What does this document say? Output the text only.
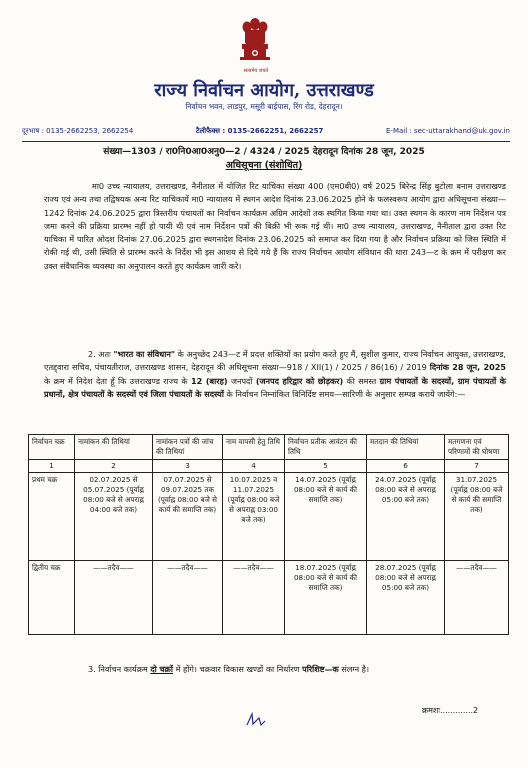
सत्यमेव जयते
राज्य निर्वाचन आयोग, उत्तराखण्ड
निर्वाचन भवन, लाडपुर, मसूरी बाईपास, रिंग रोड, देहरादून।
दूरभाष : 0135-2662253, 2662254	टैलीफैक्स : 0135-2662251, 2662257	E-Mail : sec-uttarakhand@uk.gov.in
संख्या—1303 / रा0नि0आ0अनु0—2 / 4324 / 2025 देहरादून दिनांक 28 जून, 2025
अधिसूचना (संशोधित)
मा0 उच्च न्यायालय, उत्तराखण्ड, नैनीताल में योजित रिट याचिका संख्या 400 (एम0बी0) वर्ष 2025 बिरेन्द्र सिंह बुटोला बनाम उत्तराखण्ड राज्य एवं अन्य तथा तद्विषयक अन्य रिट याचिकायें मा0 न्यायालय में स्थगन आदेश दिनांक 23.06.2025 होने के फलस्वरूप आयोग द्वारा अधिसूचना संख्या—1242 दिनांक 24.06.2025 द्वारा त्रिस्तरीय पंचायतों का निर्वाचन कार्यक्रम अग्रिम आदेशों तक स्थगित किया गया था। उक्त स्थगन के कारण नाम निर्देशन पत्र जमा करने की प्रक्रिया प्रारम्भ नहीं हो पायी थी एवं नाम निर्देशन पत्रों की बिक्री भी रूक गई थी। मा0 उच्च न्यायालय, उत्तराखण्ड, नैनीताल द्वारा उक्त रिट याचिका में पारित ओदश दिनांक 27.06.2025 द्वारा स्थगनादेश दिनांक 23.06.2025 को समाप्त कर दिया गया है और निर्वाचन प्रक्रिया को जिस स्थिति में रोकी गई थी, उसी स्थिति से प्रारम्भ करने के निर्देश भी इस आशय से दिये गये हैं कि राज्य निर्वाचन आयोग संविधान की धारा 243—ट के क्रम में परीक्षण कर उक्त संवैधानिक व्यवस्था का अनुपालन करते हुए कार्यक्रम जारी करे।
2. अतः "भारत का संविधान" के अनुच्छेद 243—ट में प्रदत्त शक्तियों का प्रयोग करते हुए मैं, सुशील कुमार, राज्य निर्वाचन आयुक्त, उत्तराखण्ड, एतद्द्वारा सचिव, पंचायतीराज, उत्तराखण्ड शासन, देहरादून की अधिसूचना संख्या—918 / XII(1) / 2025 / 86(16) / 2019 दिनांक 28 जून, 2025 के क्रम में निदेश देता हूँ कि उत्तराखण्ड राज्य के 12 (बारह) जनपदों (जनपद हरिद्वार को छोड़कर) की समस्त ग्राम पंचायतों के सदस्यों, ग्राम पंचायतों के प्रधानों, क्षेत्र पंचायतों के सदस्यों एवं जिला पंचायतों के सदस्यों के निर्वाचन निम्नांकित विनिर्दिष्ट समय—सारिणी के अनुसार सम्पन्न कराये जायेंगे:—
निर्वाचन चक्र	नामांकन की तिथियां	नामांकन पत्रों की जांच की तिथियां	नाम वापसी हेतु तिथि	निर्वाचन प्रतीक आवंटन की तिथि	मतदान की तिथियां	मतगणना एवं परिणामों की घोषणा
1	2	3	4	5	6	7
प्रथम चक्र	02.07.2025 से 05.07.2025 (पूर्वाह्न 08:00 बजे से अपराह्न 04:00 बजे तक)	07.07.2025 से 09.07.2025 तक (पूर्वाह्न 08:00 बजे से कार्य की समाप्ति तक)	10.07.2025 व 11.07.2025 (पूर्वाह्न 08:00 बजे से अपराह्न 03:00 बजे तक)	14.07.2025 (पूर्वाह्न 08:00 बजे से कार्य की समाप्ति तक)	24.07.2025 (पूर्वाह्न 08:00 बजे से अपराह्न 05:00 बजे तक)	31.07.2025 (पूर्वाह्न 08:00 बजे से कार्य की समाप्ति तक)
द्वितीय चक्र	——तदैव——	——तदैव——	——तदैव——	18.07.2025 (पूर्वाह्न 08:00 बजे से कार्य की समाप्ति तक)	28.07.2025 (पूर्वाह्न 08:00 बजे से अपराह्न 05:00 बजे तक)	——तदैव——
3. निर्वाचन कार्यक्रम दो चक्रों में होंगे। चक्रवार विकास खण्डों का निर्धारण परिशिष्ट—क संलग्न है।
क्रमशः.............2
